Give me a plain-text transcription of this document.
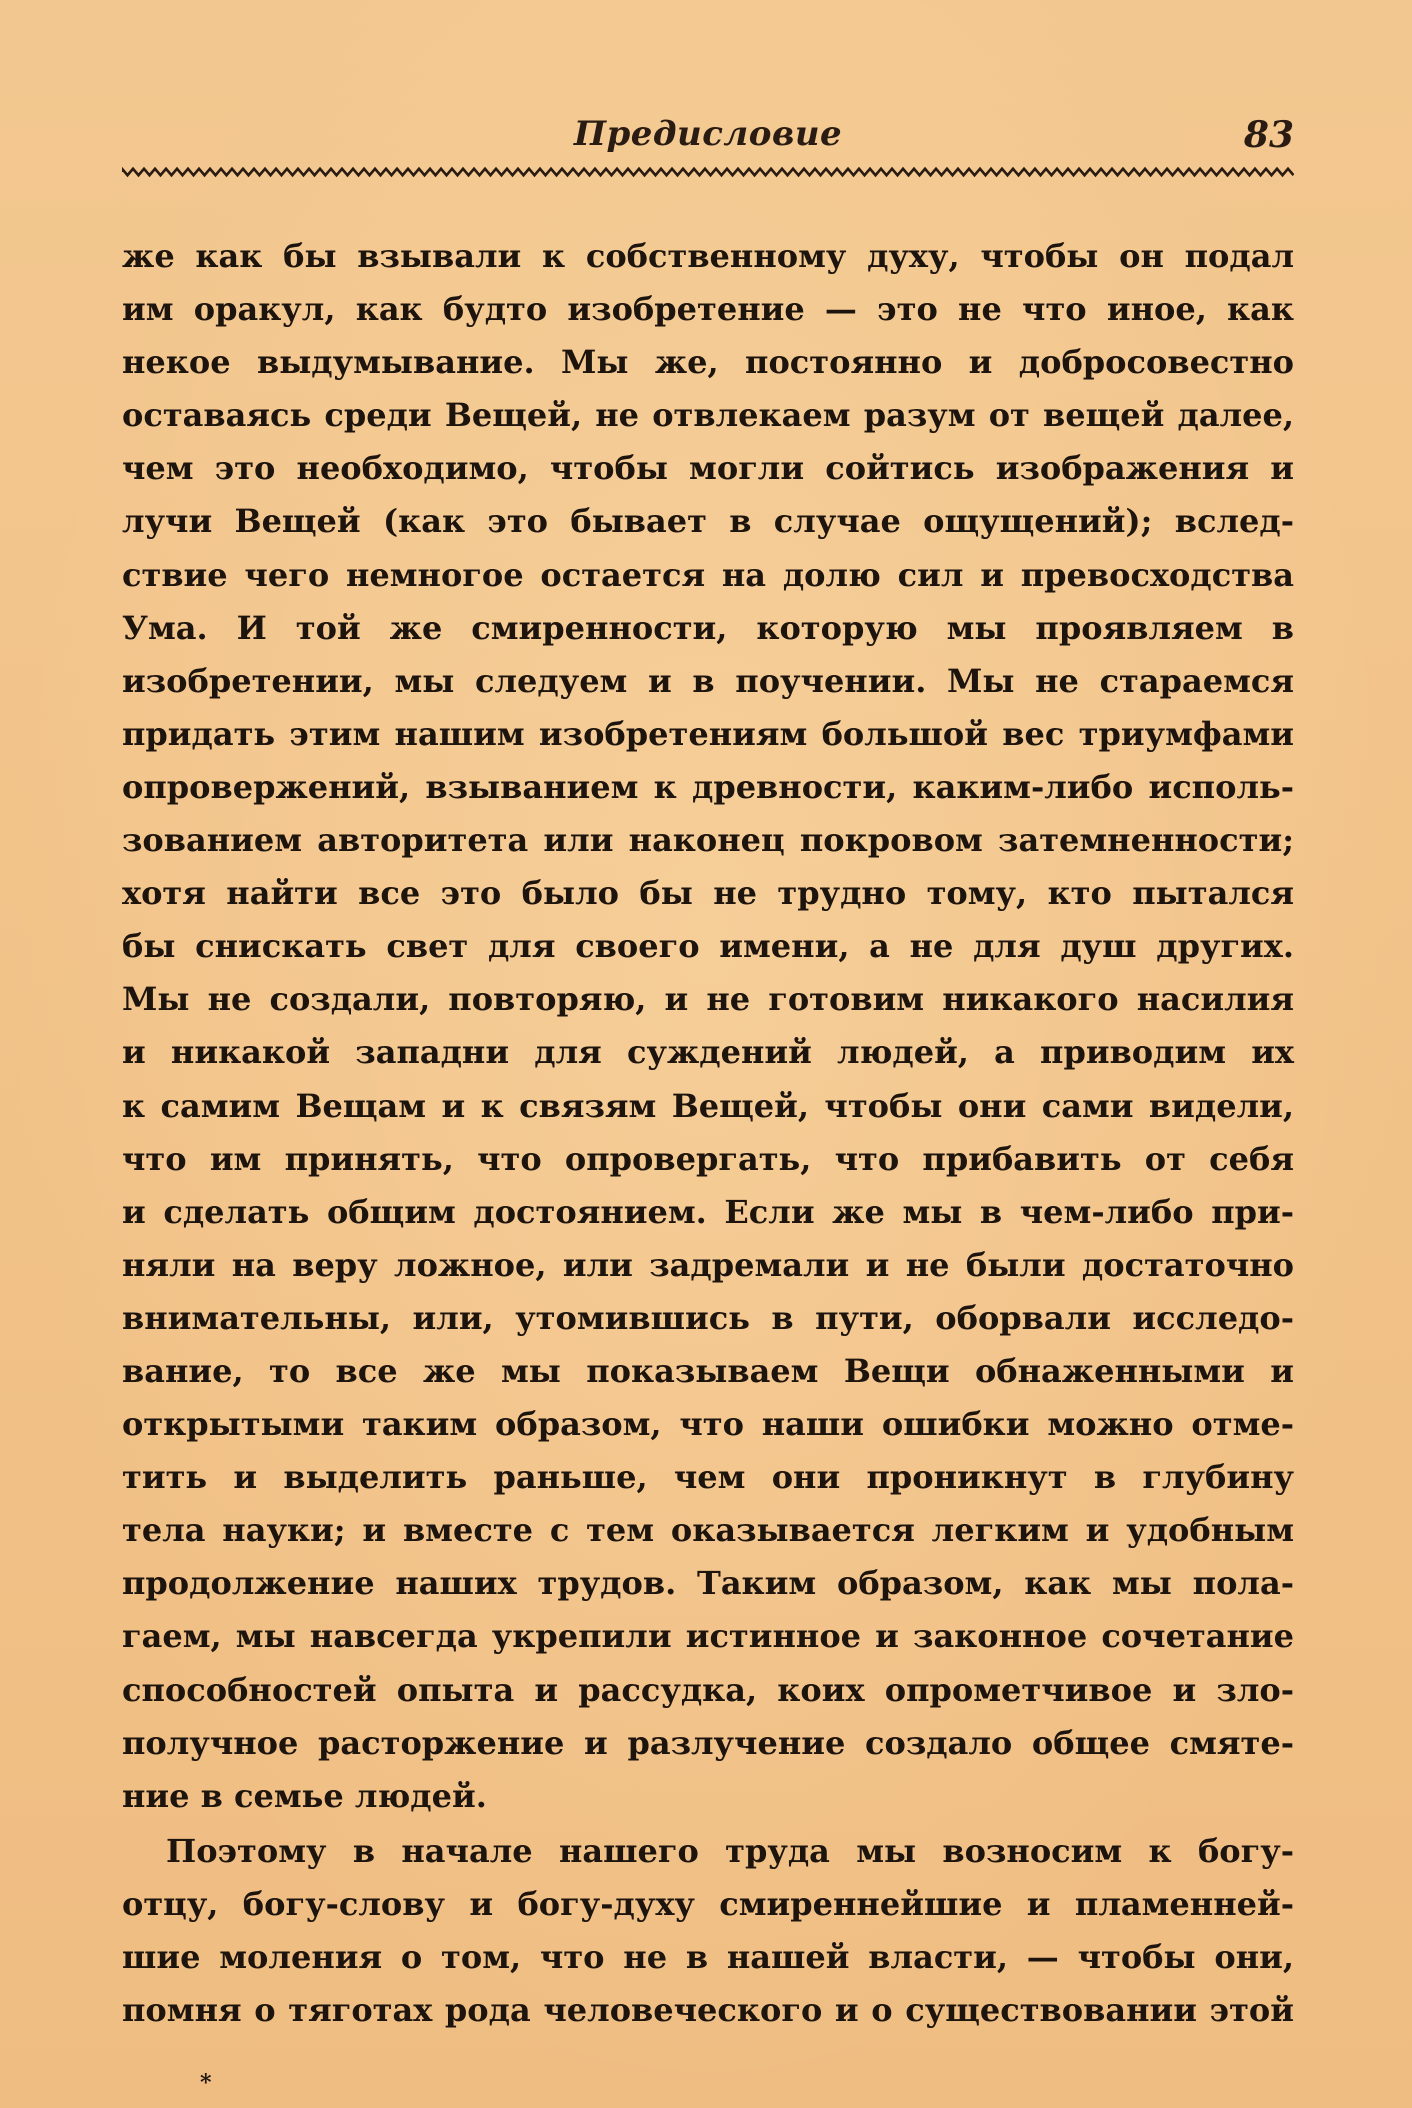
Предисловие	83
же как бы взывали к собственному духу, чтобы он подал
им оракул, как будто изобретение — это не что иное, как
некое выдумывание. Мы же, постоянно и добросовестно
оставаясь среди Вещей, не отвлекаем разум от вещей далее,
чем это необходимо, чтобы могли сойтись изображения и
лучи Вещей (как это бывает в случае ощущений); вслед-
ствие чего немногое остается на долю сил и превосходства
Ума. И той же смиренности, которую мы проявляем в
изобретении, мы следуем и в поучении. Мы не стараемся
придать этим нашим изобретениям большой вес триумфами
опровержений, взыванием к древности, каким-либо исполь-
зованием авторитета или наконец покровом затемненности;
хотя найти все это было бы не трудно тому, кто пытался
бы снискать свет для своего имени, а не для душ других.
Мы не создали, повторяю, и не готовим никакого насилия
и никакой западни для суждений людей, а приводим их
к самим Вещам и к связям Вещей, чтобы они сами видели,
что им принять, что опровергать, что прибавить от себя
и сделать общим достоянием. Если же мы в чем-либо при-
няли на веру ложное, или задремали и не были достаточно
внимательны, или, утомившись в пути, оборвали исследо-
вание, то все же мы показываем Вещи обнаженными и
открытыми таким образом, что наши ошибки можно отме-
тить и выделить раньше, чем они проникнут в глубину
тела науки; и вместе с тем оказывается легким и удобным
продолжение наших трудов. Таким образом, как мы пола-
гаем, мы навсегда укрепили истинное и законное сочетание
способностей опыта и рассудка, коих опрометчивое и зло-
получное расторжение и разлучение создало общее смяте-
ние в семье людей.
Поэтому в начале нашего труда мы возносим к богу-
отцу, богу-слову и богу-духу смиреннейшие и пламенней-
шие моления о том, что не в нашей власти, — чтобы они,
помня о тяготах рода человеческого и о существовании этой
*
